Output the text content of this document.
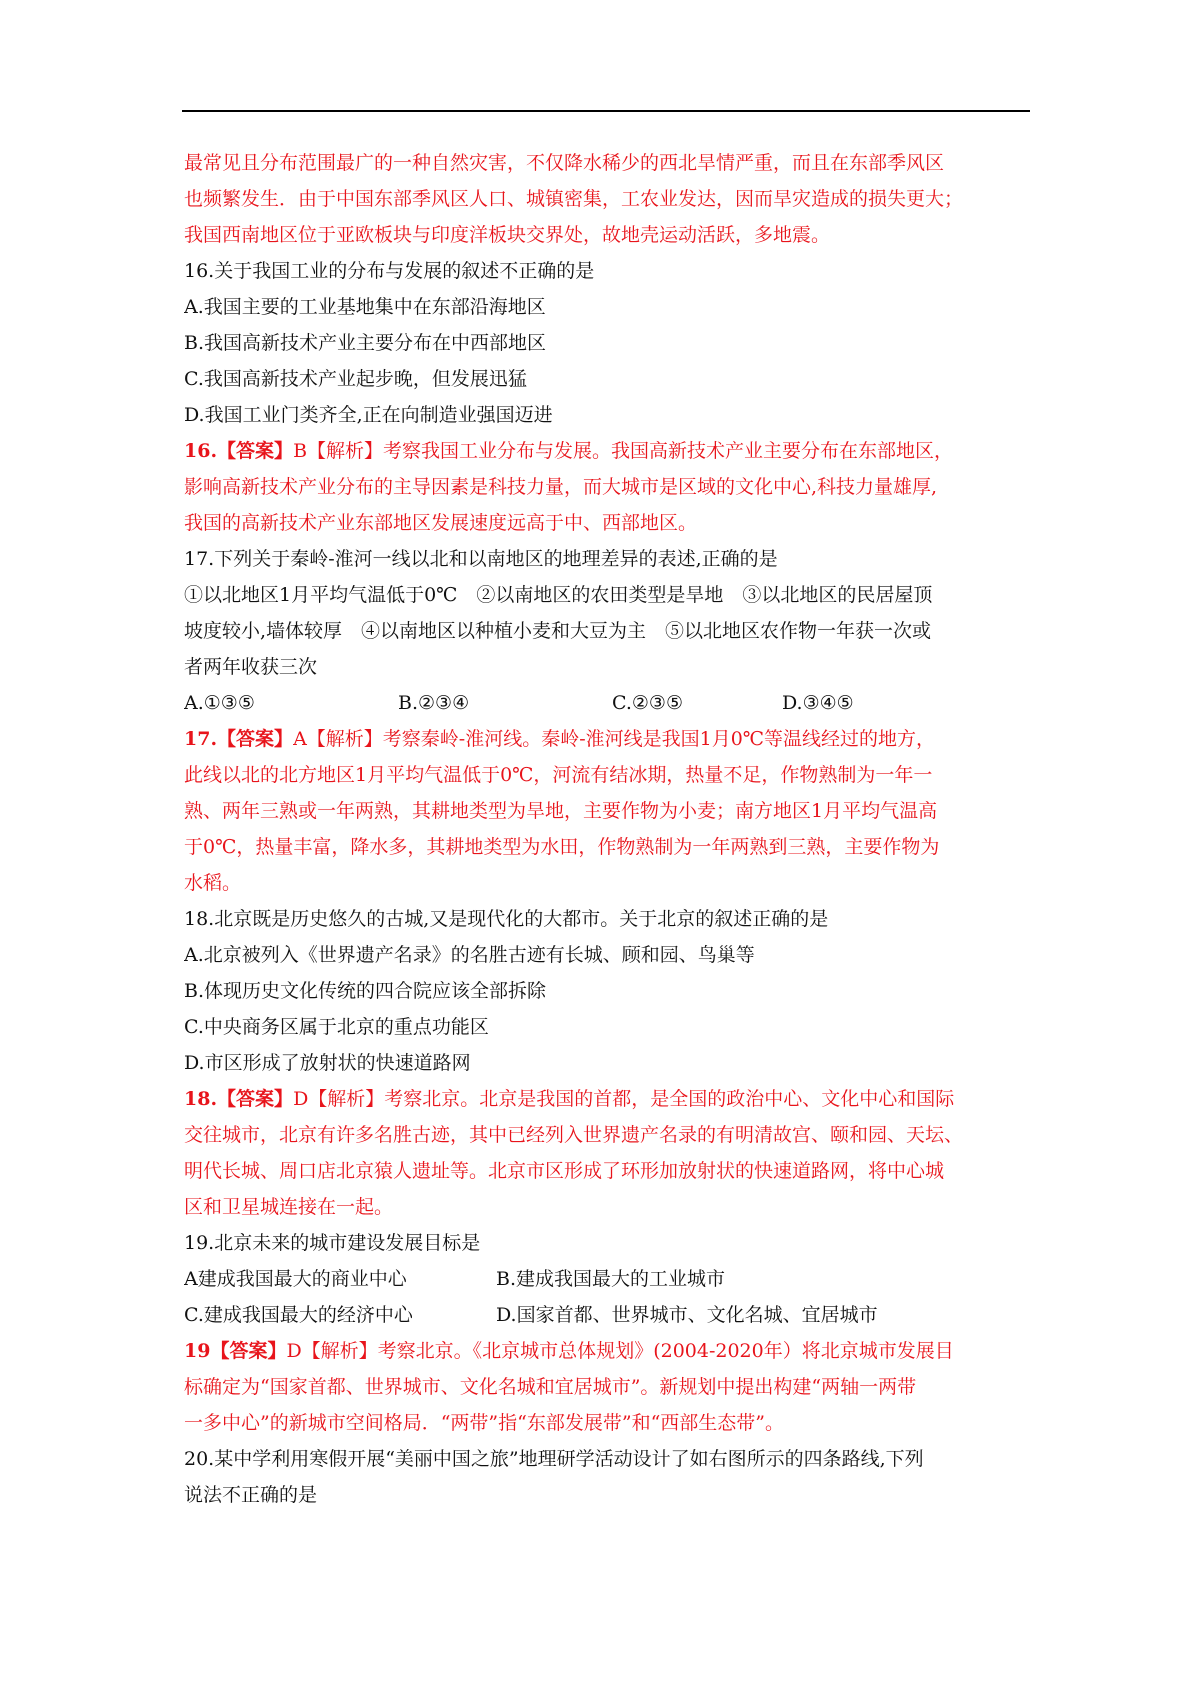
最常见且分布范围最广的一种自然灾害，不仅降水稀少的西北旱情严重，而且在东部季风区
也频繁发生．由于中国东部季风区人口、城镇密集，工农业发达，因而旱灾造成的损失更大；
我国西南地区位于亚欧板块与印度洋板块交界处，故地壳运动活跃，多地震。
16.关于我国工业的分布与发展的叙述不正确的是
A.我国主要的工业基地集中在东部沿海地区
B.我国高新技术产业主要分布在中西部地区
C.我国高新技术产业起步晚，但发展迅猛
D.我国工业门类齐全,正在向制造业强国迈进
16.【答案】B【解析】考察我国工业分布与发展。我国高新技术产业主要分布在东部地区，
影响高新技术产业分布的主导因素是科技力量，而大城市是区域的文化中心,科技力量雄厚,
我国的高新技术产业东部地区发展速度远高于中、西部地区。
17.下列关于秦岭-淮河一线以北和以南地区的地理差异的表述,正确的是
①以北地区1月平均气温低于0℃　②以南地区的农田类型是旱地　③以北地区的民居屋顶
坡度较小,墙体较厚　④以南地区以种植小麦和大豆为主　⑤以北地区农作物一年获一次或
者两年收获三次
A.①③⑤	B.②③④	C.②③⑤	D.③④⑤
17.【答案】A【解析】考察秦岭-淮河线。秦岭-淮河线是我国1月0℃等温线经过的地方，
此线以北的北方地区1月平均气温低于0℃，河流有结冰期，热量不足，作物熟制为一年一
熟、两年三熟或一年两熟，其耕地类型为旱地，主要作物为小麦；南方地区1月平均气温高
于0℃，热量丰富，降水多，其耕地类型为水田，作物熟制为一年两熟到三熟，主要作物为
水稻。
18.北京既是历史悠久的古城,又是现代化的大都市。关于北京的叙述正确的是
A.北京被列入《世界遗产名录》的名胜古迹有长城、顾和园、鸟巢等
B.体现历史文化传统的四合院应该全部拆除
C.中央商务区属于北京的重点功能区
D.市区形成了放射状的快速道路网
18.【答案】D【解析】考察北京。北京是我国的首都，是全国的政治中心、文化中心和国际
交往城市，北京有许多名胜古迹，其中已经列入世界遗产名录的有明清故宫、颐和园、天坛、
明代长城、周口店北京猿人遗址等。北京市区形成了环形加放射状的快速道路网，将中心城
区和卫星城连接在一起。
19.北京未来的城市建设发展目标是
A建成我国最大的商业中心	B.建成我国最大的工业城市
C.建成我国最大的经济中心	D.国家首都、世界城市、文化名城、宜居城市
19【答案】D【解析】考察北京。《北京城市总体规划》(2004-2020年）将北京城市发展目
标确定为“国家首都、世界城市、文化名城和宜居城市”。新规划中提出构建“两轴一两带
一多中心”的新城市空间格局．“两带”指“东部发展带”和“西部生态带”。
20.某中学利用寒假开展“美丽中国之旅”地理研学活动设计了如右图所示的四条路线,下列
说法不正确的是
